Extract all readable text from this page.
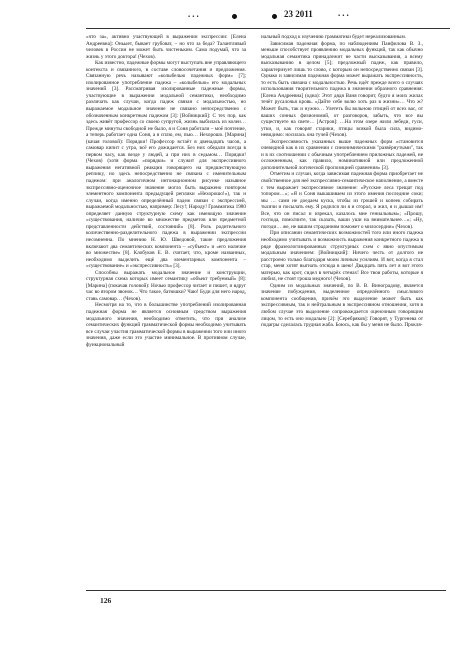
...	23 2011	...

«что за», активно участвующей в выражении экспрессии: [Елена Андреевна]: Оньыет, бывает грубоват, – но что за беда? Талантливый человек в России не может быть чистеньким. Сама подумай, что за жизнь у этого доктора! (Чехов).

Как известно, падежные формы могут выступать вне управляющего контекста и связанного, в составе словосочетания и предложения. Связанную речь называют «колыбелью падежных форм» [7]; изолированное употребление падежа – «колыбелью» его модальных значений [3]. Рассматривая изолированные падежные формы, участвующие в выражении модальной семантики, необходимо различать как случаи, когда падеж связан с модальностью, но выражаемое модальное значение не связано непосредственно с обозначенным конкретным падежом [3]: [Войницкий]: С тех пор, как здесь живёт профессор со своею супругой, жизнь выбилась из колеи… Прежде минуты свободной не было, я и Соня работали – моё почтение, а теперь работает одна Соня, а я сплю, ем, пью… Нехорошо. [Марина] (качая головой): Порядки! Профессор встаёт в двенадцать часов, а самовар кипит с утра, всё его дожидается. Без них обедали всегда в первом часу, как везде у людей, а при них в седьмом… Порядки! (Чехов) (хотя форма «порядки» и служит для экспрессивного выражения негативной реакции говорящего на предшествующую реплику, но здесь непосредственно не связана с именительным падежом: при аналогичном интонационном рисунке назывное экспрессивно-оценочное значение могло быть выражено повтором элементного компонента предыдущей реплики «Нехорошо!»), так и случаи, когда именно определённый падеж связан с экспрессией, выражаемой модальностью, например: Лесу!; Народу! Грамматика 1980 определяет данную структурную схему как имеющую значение «существования, наличие во множестве предметов или предметной представленности действий, состояний» [8]. Роль родительного количественно-разделительного падежа в выражении экспрессии несомненна. По мнению Н. Ю. Шведовой, такие предложения включают два семантических компонента – «субъект» и «его наличие во множестве» [8]. Клобуков Е. В. считает, что, кроме названных, необходимо выделить ещё два элементарных компонента – «существование» и «экспрессивность» [3].

Способны выражать модальное значение и конструкции, структурная схема которых имеет семантику «объект требуемый» [8]: [Марина] (покачав головой): Ночью профессор читает и пишет, и вдруг час во втором звонок… Что такое, батюшки? Чаю! Буди для него народ, ставь самовар… (Чехов).

Несмотря на то, что в большинстве употреблений изолированная падежная форма не является основным средством выражения модального значения, необходимо отметить, что при анализе семантических функций грамматической формы необходимо учитывать все случаи участия грамматической формы в выражении того или иного значения, даже если это участие минимальное. В противном случае, функциональный

нальный подход к изучению грамматики будет нереализованным.

Зависимая падежная форма, по наблюдениям Панфилова В. З., меньше способствует проявлению модальных функций, так как обычно модальная семантика принадлежит не части высказывания, а всему высказыванию в целом [5]; предложный падеж, как правило, характеризует лишь то слово, с которым он непосредственно связан [3]. Однако и зависимая падежная форма может выражать экспрессивность, то есть быть связана с модальностью. Речь идёт прежде всего о случаях использования творительного падежа в значении образного сравнения: [Елена Андреевна] (одна): Этот дядя Ваня говорит, будто я моих жилах течёт русалочья кровь. «Дайте себе волю хоть раз в жизни»… Что ж? Может быть, так и нужно… Улететь бы вольною птицей от всех вас, от ваших сонных физиономий, от разговоров, забыть, что все вы существуете на свете… [Астров]: …На этом озере жили лебеди, гуси, утки, и, как говорят старики, птицы всякой была сила, видимо-невидимо: носилась она тучей (Чехов).

Экспрессивность указанных выше падежных форм «становится очевидной как в их сравнении с синонимическими "развёрнутыми", так и в их соотношении с обычным употреблением приложных падежей, не осложненным, как правило, номинативной или предложенной дополнительной логической пропозицией сравнения» [3].

Отметим и случаи, когда зависимая падежная форма приобретает не свойственное для неё экспрессивно-семантическое наполнение, а вместе с тем выражает экспрессивное значение: «Русские леса трещат под топором…»; «Я и Соня выкашиваем из этого имения последние соки; мы … сами не доедаем куска, чтобы из грошей и копеек собирать тысячи и посылать ему. Я родился ли я и сгорал, и жил, я и дышал им! Все, что он писал и изрекал, казалось мне гениальным»; «Прошу, господа, помолчите, так сказать, ваши уши на внимательнее…»; «Ну, погоди… же, не вашим страданиям поможет о милосердии» (Чехов).

При описании семантических возможностей того или иного падежа необходимо учитывать и возможность выражения конкретного падежа в ряде фразеологизированных структурных схем с явно опустимым модальным значением: [Войницкий]: Ничего честь от долгого не расстроено только благодаря моим личным усилиям. И вот, когда я стал стар, меня хотят выгнать отсюда в шею! Двадцать пять лет я вот этого матерью, как крот, сидел в четырёх стенах! Все твои работы, которые я любил, не стоят гроша медного! (Чехов).

Одним из модальных значений, по В. В. Виноградову, является значение побуждения, выделенное определённого смыслового компонента сообщения, причём это выделение может быть как экспрессивным, так и нейтральным в экспрессивном отношении, хотя в любом случае это выделение сопровождается оценочным говорящим лицом, то есть оно модально [2]: [Серебряков]: Говорят, у Тургенева от подагры сделалась грудная жаба. Боюсь, как бы у меня не было. Прокля-

126
